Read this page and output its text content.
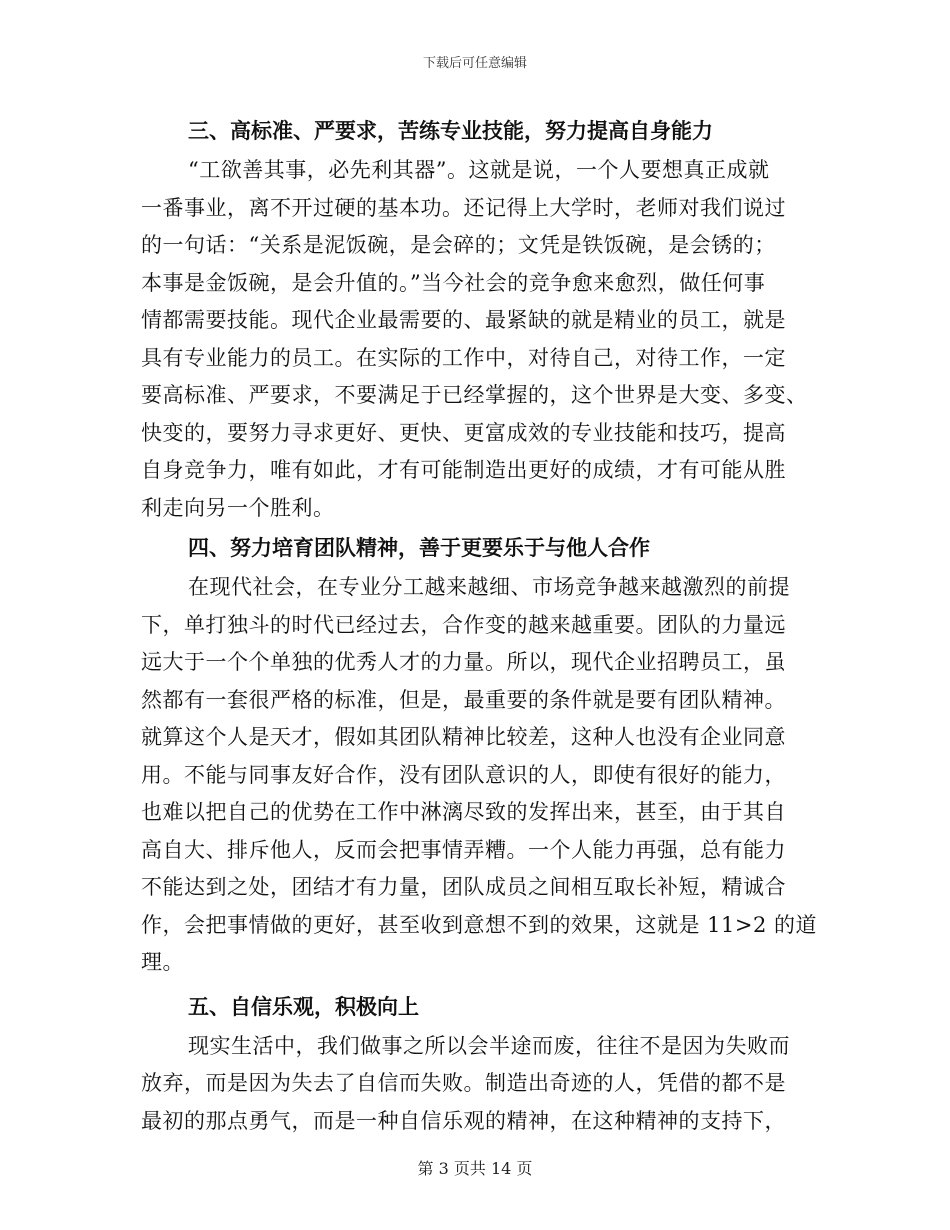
下载后可任意编辑
三、高标准、严要求，苦练专业技能，努力提高自身能力
“工欲善其事，必先利其器”。这就是说，一个人要想真正成就
一番事业，离不开过硬的基本功。还记得上大学时，老师对我们说过
的一句话：“关系是泥饭碗，是会碎的；文凭是铁饭碗，是会锈的；
本事是金饭碗，是会升值的。”当今社会的竞争愈来愈烈，做任何事
情都需要技能。现代企业最需要的、最紧缺的就是精业的员工，就是
具有专业能力的员工。在实际的工作中，对待自己，对待工作，一定
要高标准、严要求，不要满足于已经掌握的，这个世界是大变、多变、
快变的，要努力寻求更好、更快、更富成效的专业技能和技巧，提高
自身竞争力，唯有如此，才有可能制造出更好的成绩，才有可能从胜
利走向另一个胜利。
四、努力培育团队精神，善于更要乐于与他人合作
在现代社会，在专业分工越来越细、市场竞争越来越激烈的前提
下，单打独斗的时代已经过去，合作变的越来越重要。团队的力量远
远大于一个个单独的优秀人才的力量。所以，现代企业招聘员工，虽
然都有一套很严格的标准，但是，最重要的条件就是要有团队精神。
就算这个人是天才，假如其团队精神比较差，这种人也没有企业同意
用。不能与同事友好合作，没有团队意识的人，即使有很好的能力，
也难以把自己的优势在工作中淋漓尽致的发挥出来，甚至，由于其自
高自大、排斥他人，反而会把事情弄糟。一个人能力再强，总有能力
不能达到之处，团结才有力量，团队成员之间相互取长补短，精诚合
作，会把事情做的更好，甚至收到意想不到的效果，这就是 11>2 的道
理。
五、自信乐观，积极向上
现实生活中，我们做事之所以会半途而废，往往不是因为失败而
放弃，而是因为失去了自信而失败。制造出奇迹的人，凭借的都不是
最初的那点勇气，而是一种自信乐观的精神，在这种精神的支持下，
第 3 页共 14 页
